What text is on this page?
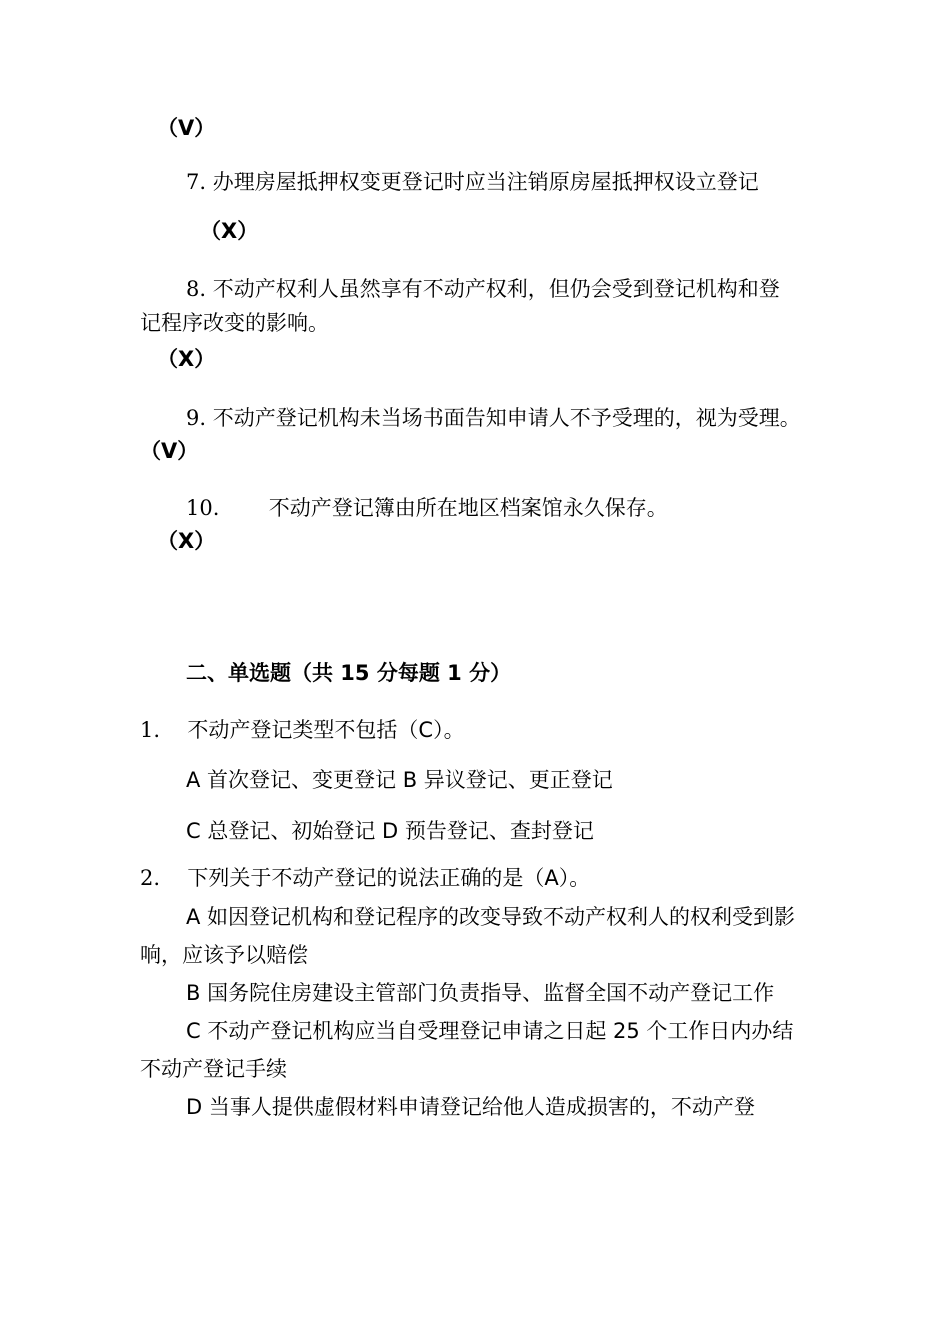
（V）

7. 办理房屋抵押权变更登记时应当注销原房屋抵押权设立登记

（X）

8. 不动产权利人虽然享有不动产权利，但仍会受到登记机构和登

记程序改变的影响。

（X）

9. 不动产登记机构未当场书面告知申请人不予受理的，视为受理。

（V）

10. 不动产登记簿由所在地区档案馆永久保存。

（X）

二、单选题（共 15 分每题 1 分）

1. 不动产登记类型不包括（C）。

A 首次登记、变更登记 B 异议登记、更正登记

C 总登记、初始登记 D 预告登记、查封登记

2. 下列关于不动产登记的说法正确的是（A）。

A 如因登记机构和登记程序的改变导致不动产权利人的权利受到影

响，应该予以赔偿

B 国务院住房建设主管部门负责指导、监督全国不动产登记工作

C 不动产登记机构应当自受理登记申请之日起 25 个工作日内办结

不动产登记手续

D 当事人提供虚假材料申请登记给他人造成损害的，不动产登
